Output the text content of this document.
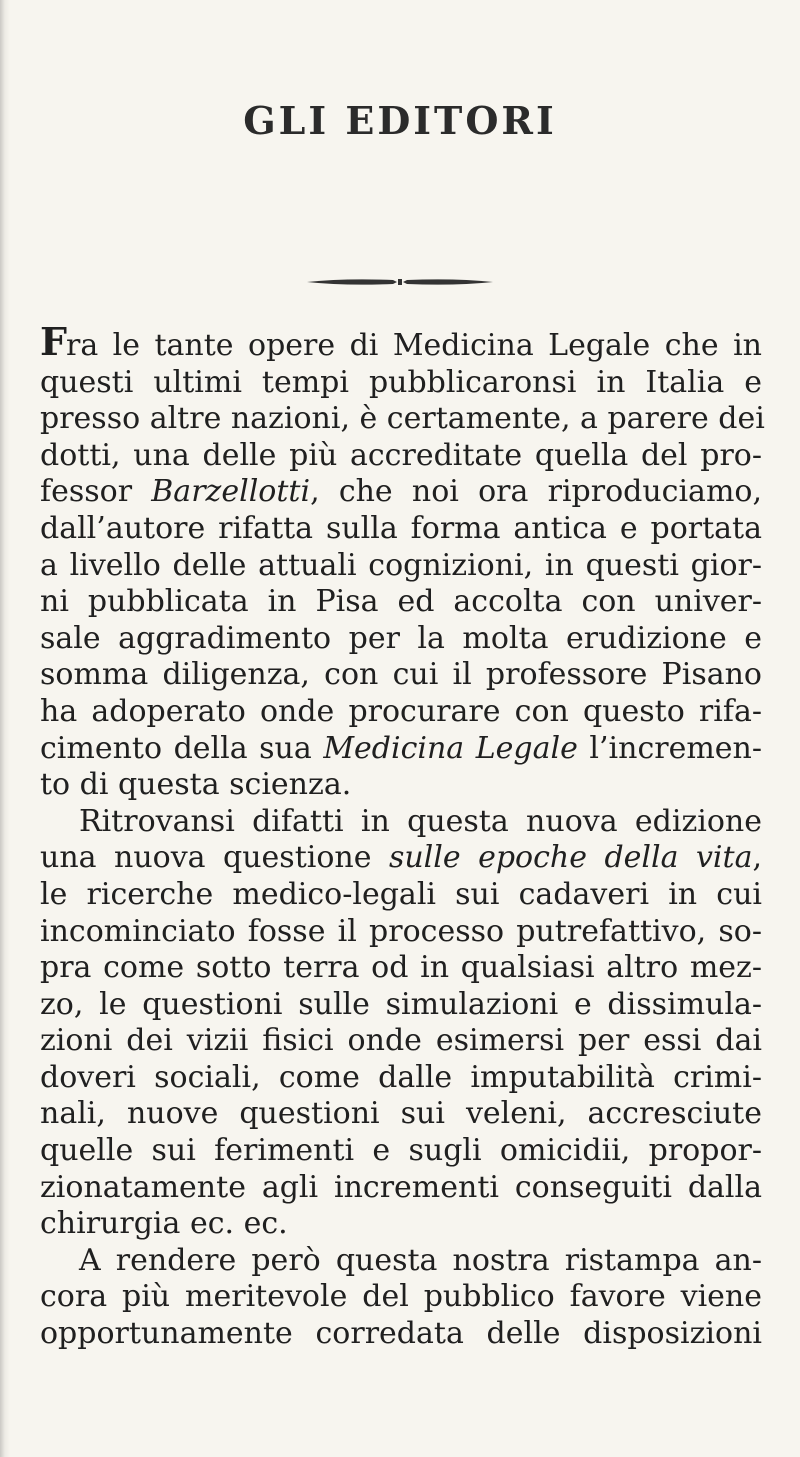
GLI EDITORI
Fra le tante opere di Medicina Legale che in
questi ultimi tempi pubblicaronsi in Italia e
presso altre nazioni, è certamente, a parere dei
dotti, una delle più accreditate quella del pro-
fessor Barzellotti, che noi ora riproduciamo,
dall’autore rifatta sulla forma antica e portata
a livello delle attuali cognizioni, in questi gior-
ni pubblicata in Pisa ed accolta con univer-
sale aggradimento per la molta erudizione e
somma diligenza, con cui il professore Pisano
ha adoperato onde procurare con questo rifa-
cimento della sua Medicina Legale l’incremen-
to di questa scienza.
Ritrovansi difatti in questa nuova edizione
una nuova questione sulle epoche della vita,
le ricerche medico-legali sui cadaveri in cui
incominciato fosse il processo putrefattivo, so-
pra come sotto terra od in qualsiasi altro mez-
zo, le questioni sulle simulazioni e dissimula-
zioni dei vizii fisici onde esimersi per essi dai
doveri sociali, come dalle imputabilità crimi-
nali, nuove questioni sui veleni, accresciute
quelle sui ferimenti e sugli omicidii, propor-
zionatamente agli incrementi conseguiti dalla
chirurgia ec. ec.
A rendere però questa nostra ristampa an-
cora più meritevole del pubblico favore viene
opportunamente corredata delle disposizioni
